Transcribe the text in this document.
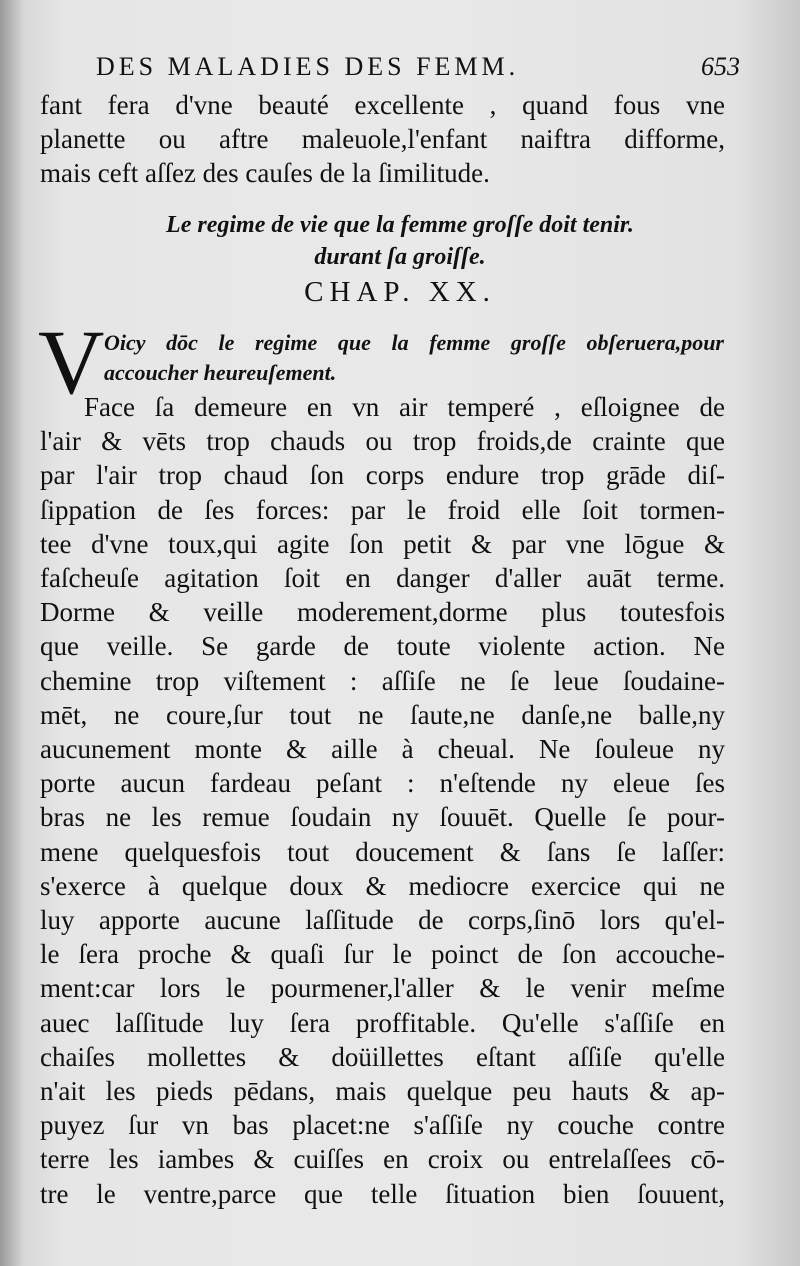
DES MALADIES DES FEMM.	653
fant fera d'vne beauté excellente , quand fous vne
planette ou aftre maleuole,l'enfant naiftra difforme,
mais ceft aſſez des cauſes de la ſimilitude.
Le regime de vie que la femme groſſe doit tenir.
durant ſa groiſſe.
CHAP. XX.
V Oicy dōc le regime que la femme groſſe obſeruera,pour
accoucher heureuſement.
Face ſa demeure en vn air temperé , eſloignee de
l'air & vēts trop chauds ou trop froids,de crainte que
par l'air trop chaud ſon corps endure trop grāde diſ-
ſippation de ſes forces: par le froid elle ſoit tormen-
tee d'vne toux,qui agite ſon petit & par vne lōgue &
faſcheuſe agitation ſoit en danger d'aller auāt terme.
Dorme & veille moderement,dorme plus toutesfois
que veille. Se garde de toute violente action. Ne
chemine trop viſtement : aſſiſe ne ſe leue ſoudaine-
mēt, ne coure,ſur tout ne ſaute,ne danſe,ne balle,ny
aucunement monte & aille à cheual. Ne ſouleue ny
porte aucun fardeau peſant : n'eſtende ny eleue ſes
bras ne les remue ſoudain ny ſouuēt. Quelle ſe pour-
mene quelquesfois tout doucement & ſans ſe laſſer:
s'exerce à quelque doux & mediocre exercice qui ne
luy apporte aucune laſſitude de corps,ſinō lors qu'el-
le ſera proche & quaſi ſur le poinct de ſon accouche-
ment:car lors le pourmener,l'aller & le venir meſme
auec laſſitude luy ſera proffitable. Qu'elle s'aſſiſe en
chaiſes mollettes & doüillettes eſtant aſſiſe qu'elle
n'ait les pieds pēdans, mais quelque peu hauts & ap-
puyez ſur vn bas placet:ne s'aſſiſe ny couche contre
terre les iambes & cuiſſes en croix ou entrelaſſees cō-
tre le ventre,parce que telle ſituation bien ſouuent,
